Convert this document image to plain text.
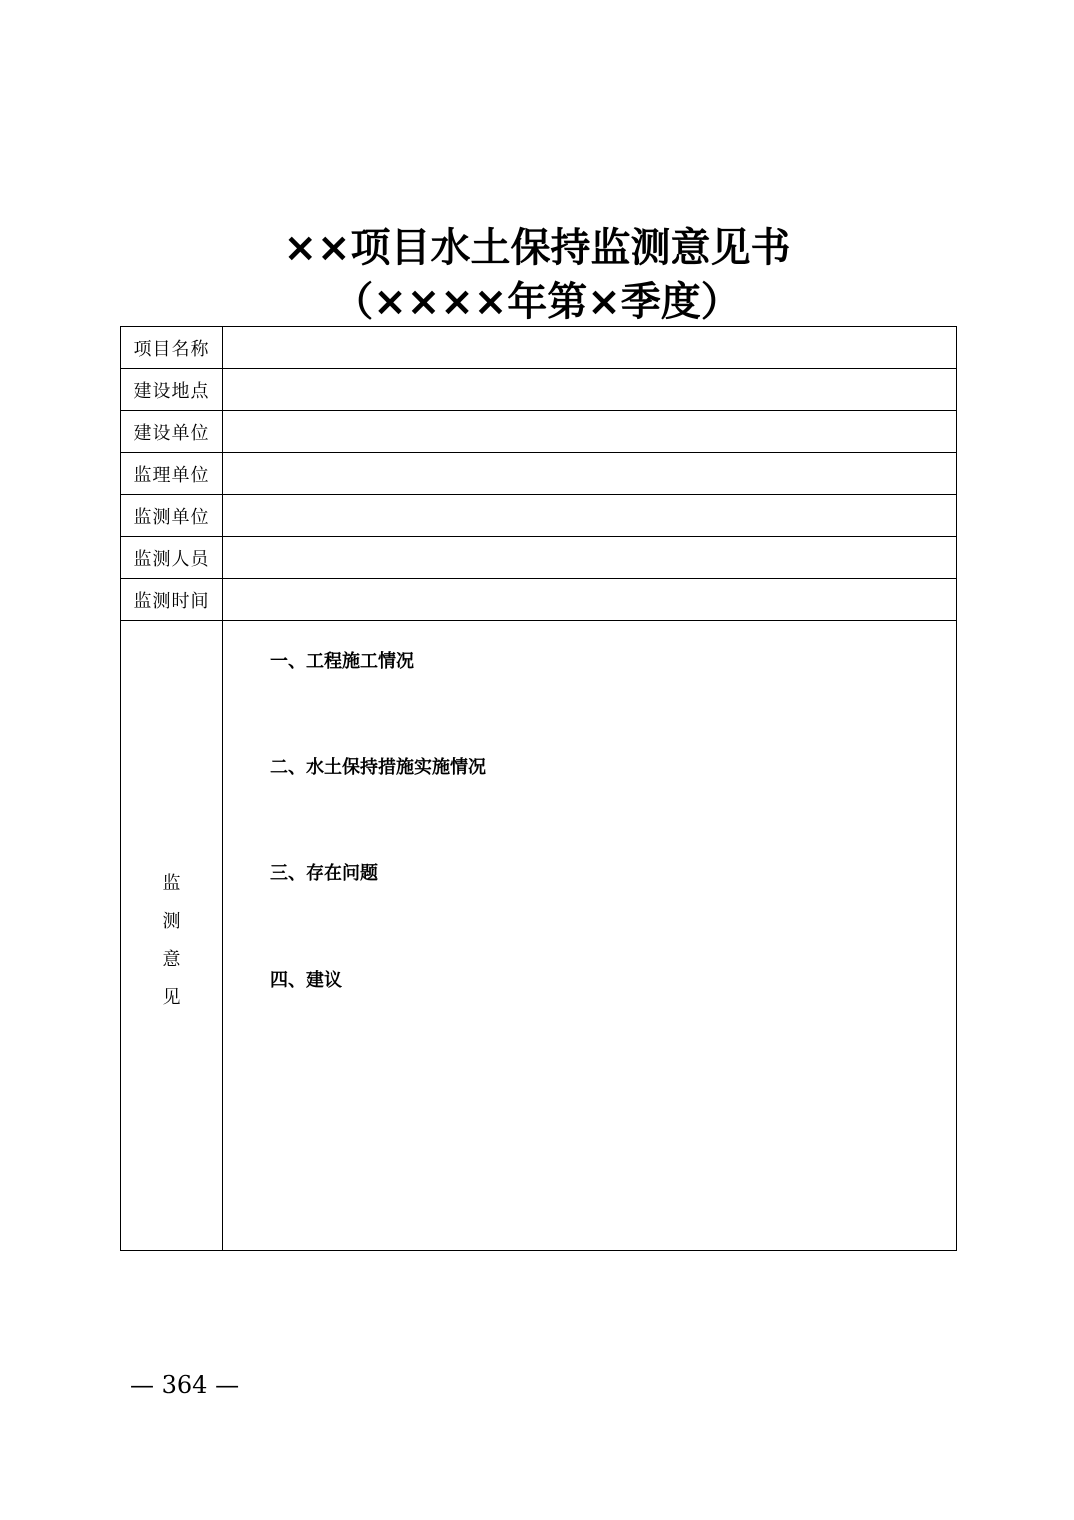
××项目水土保持监测意见书
（××××年第×季度）
项目名称	
建设地点	
建设单位	
监理单位	
监测单位	
监测人员	
监测时间	
监测意见	一、工程施工情况
二、水土保持措施实施情况
三、存在问题
四、建议
— 364 —
